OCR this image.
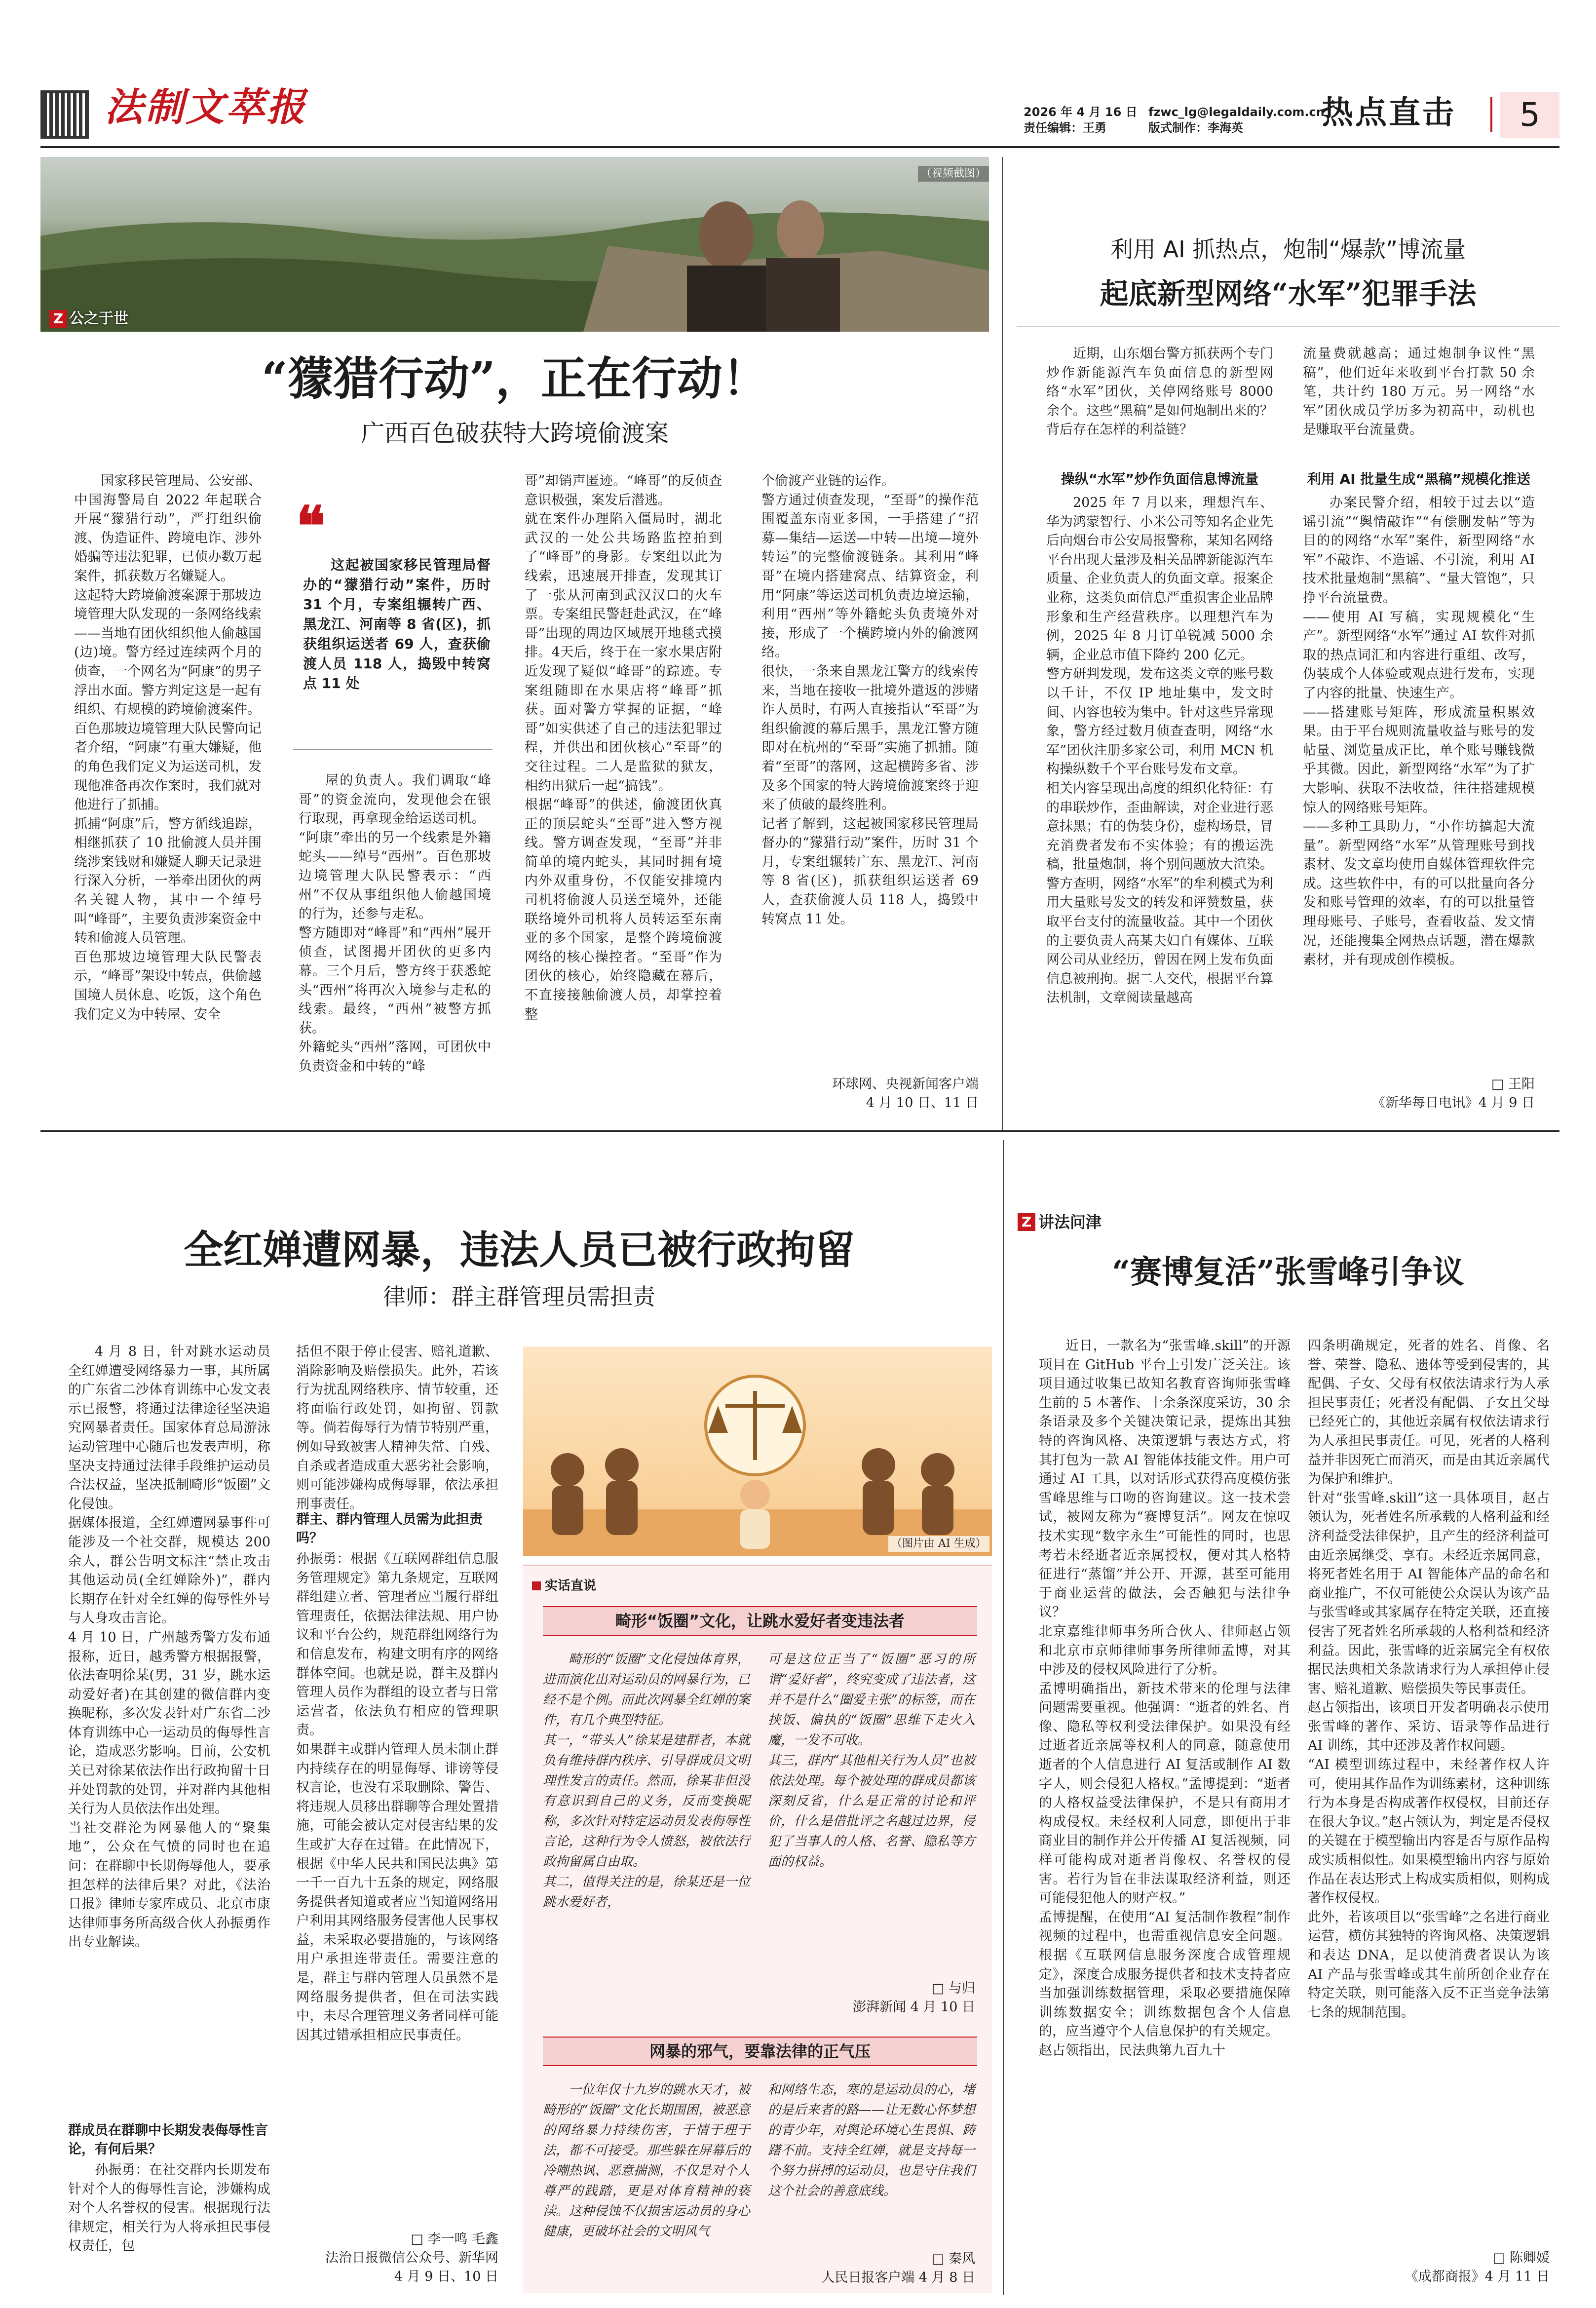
法制文萃报	2026 年 4 月 16 日
责任编辑：王勇
fzwc_lg@legaldaily.com.cn
版式制作：李海英 热点直击	5
（视频截图）
Z 公之于世
“獴猎行动”，正在行动！
广西百色破获特大跨境偷渡案
国家移民管理局、公安部、中国海警局自 2022 年起联合开展“獴猎行动”，严打组织偷渡、伪造证件、跨境电诈、涉外婚骗等违法犯罪，已侦办数万起案件，抓获数万名嫌疑人。
这起特大跨境偷渡案源于那坡边境管理大队发现的一条网络线索——当地有团伙组织他人偷越国(边)境。警方经过连续两个月的侦查，一个网名为“阿康”的男子浮出水面。警方判定这是一起有组织、有规模的跨境偷渡案件。
百色那坡边境管理大队民警向记者介绍，“阿康”有重大嫌疑，他的角色我们定义为运送司机，发现他准备再次作案时，我们就对他进行了抓捕。
抓捕“阿康”后，警方循线追踪，相继抓获了 10 批偷渡人员并围绕涉案钱财和嫌疑人聊天记录进行深入分析，一举牵出团伙的两名关键人物，其中一个绰号叫“峰哥”，主要负责涉案资金中转和偷渡人员管理。
百色那坡边境管理大队民警表示，“峰哥”架设中转点，供偷越国境人员休息、吃饭，这个角色我们定义为中转屋、安全
❝
这起被国家移民管理局督办的“獴猎行动”案件，历时 31 个月，专案组辗转广西、黑龙江、河南等 8 省(区)，抓获组织运送者 69 人，查获偷渡人员 118 人，捣毁中转窝点 11 处
屋的负责人。我们调取“峰哥”的资金流向，发现他会在银行取现，再拿现金给运送司机。
“阿康”牵出的另一个线索是外籍蛇头——绰号“西州”。百色那坡边境管理大队民警表示：“西州”不仅从事组织他人偷越国境的行为，还参与走私。
警方随即对“峰哥”和“西州”展开侦查，试图揭开团伙的更多内幕。三个月后，警方终于获悉蛇头“西州”将再次入境参与走私的线索。最终，“西州”被警方抓获。
外籍蛇头“西州”落网，可团伙中负责资金和中转的“峰
哥”却销声匿迹。“峰哥”的反侦查意识极强，案发后潜逃。
就在案件办理陷入僵局时，湖北武汉的一处公共场路监控拍到了“峰哥”的身影。专案组以此为线索，迅速展开排查，发现其订了一张从河南到武汉汉口的火车票。专案组民警赶赴武汉，在“峰哥”出现的周边区域展开地毯式摸排。4天后，终于在一家水果店附近发现了疑似“峰哥”的踪迹。专案组随即在水果店将“峰哥”抓获。面对警方掌握的证据，“峰哥”如实供述了自己的违法犯罪过程，并供出和团伙核心“至哥”的交往过程。二人是监狱的狱友，相约出狱后一起“搞钱”。
根据“峰哥”的供述，偷渡团伙真正的顶层蛇头“至哥”进入警方视线。警方调查发现，“至哥”并非简单的境内蛇头，其同时拥有境内外双重身份，不仅能安排境内司机将偷渡人员送至境外，还能联络境外司机将人员转运至东南亚的多个国家，是整个跨境偷渡网络的核心操控者。“至哥”作为团伙的核心，始终隐藏在幕后，不直接接触偷渡人员，却掌控着整
个偷渡产业链的运作。
警方通过侦查发现，“至哥”的操作范围覆盖东南亚多国，一手搭建了“招募—集结—运送—中转—出境—境外转运”的完整偷渡链条。其利用“峰哥”在境内搭建窝点、结算资金，利用“阿康”等运送司机负责边境运输，利用“西州”等外籍蛇头负责境外对接，形成了一个横跨境内外的偷渡网络。
很快，一条来自黑龙江警方的线索传来，当地在接收一批境外遣返的涉赌诈人员时，有两人直接指认“至哥”为组织偷渡的幕后黑手，黑龙江警方随即对在杭州的“至哥”实施了抓捕。随着“至哥”的落网，这起横跨多省、涉及多个国家的特大跨境偷渡案终于迎来了侦破的最终胜利。
记者了解到，这起被国家移民管理局督办的“獴猎行动”案件，历时 31 个月，专案组辗转广东、黑龙江、河南等 8 省(区)，抓获组织运送者 69 人，查获偷渡人员 118 人，捣毁中转窝点 11 处。
环球网、央视新闻客户端
4 月 10 日、11 日
利用 AI 抓热点，炮制“爆款”博流量
起底新型网络“水军”犯罪手法
近期，山东烟台警方抓获两个专门炒作新能源汽车负面信息的新型网络“水军”团伙，关停网络账号 8000 余个。这些“黑稿”是如何炮制出来的？背后存在怎样的利益链？
操纵“水军”炒作负面信息博流量
2025 年 7 月以来，理想汽车、华为鸿蒙智行、小米公司等知名企业先后向烟台市公安局报警称，某知名网络平台出现大量涉及相关品牌新能源汽车质量、企业负责人的负面文章。报案企业称，这类负面信息严重损害企业品牌形象和生产经营秩序。以理想汽车为例，2025 年 8 月订单锐减 5000 余辆，企业总市值下降约 200 亿元。
警方研判发现，发布这类文章的账号数以千计，不仅 IP 地址集中，发文时间、内容也较为集中。针对这些异常现象，警方经过数月侦查查明，网络“水军”团伙注册多家公司，利用 MCN 机构操纵数千个平台账号发布文章。
相关内容呈现出高度的组织化特征：有的串联炒作，歪曲解读，对企业进行恶意抹黑；有的伪装身份，虚构场景，冒充消费者发布不实体验；有的搬运洗稿，批量炮制，将个别问题放大渲染。警方查明，网络“水军”的牟利模式为利用大量账号发文的转发和评赞数量，获取平台支付的流量收益。其中一个团伙的主要负责人高某夫妇自有媒体、互联网公司从业经历，曾因在网上发布负面信息被刑拘。据二人交代，根据平台算法机制，文章阅读量越高
流量费就越高；通过炮制争议性“黑稿”，他们近年来收到平台打款 50 余笔，共计约 180 万元。另一网络“水军”团伙成员学历多为初高中，动机也是赚取平台流量费。
利用 AI 批量生成“黑稿”规模化推送
办案民警介绍，相较于过去以“造谣引流”“舆情敲诈”“有偿删发帖”等为目的的网络“水军”案件，新型网络“水军”不敲诈、不造谣、不引流，利用 AI 技术批量炮制“黑稿”、“量大管饱”，只挣平台流量费。
——使用 AI 写稿，实现规模化“生产”。新型网络“水军”通过 AI 软件对抓取的热点词汇和内容进行重组、改写，伪装成个人体验或观点进行发布，实现了内容的批量、快速生产。
——搭建账号矩阵，形成流量积累效果。由于平台规则流量收益与账号的发帖量、浏览量成正比，单个账号赚钱微乎其微。因此，新型网络“水军”为了扩大影响、获取不法收益，往往搭建规模惊人的网络账号矩阵。
——多种工具助力，“小作坊搞起大流量”。新型网络“水军”从管理账号到找素材、发文章均使用自媒体管理软件完成。这些软件中，有的可以批量向各分发和账号管理的效率，有的可以批量管理母账号、子账号，查看收益、发文情况，还能搜集全网热点话题，潜在爆款素材，并有现成创作模板。
□ 王阳
《新华每日电讯》4 月 9 日
全红婵遭网暴，违法人员已被行政拘留
律师：群主群管理员需担责
4 月 8 日，针对跳水运动员全红婵遭受网络暴力一事，其所属的广东省二沙体育训练中心发文表示已报警，将通过法律途径坚决追究网暴者责任。国家体育总局游泳运动管理中心随后也发表声明，称坚决支持通过法律手段维护运动员合法权益，坚决抵制畸形“饭圈”文化侵蚀。
据媒体报道，全红婵遭网暴事件可能涉及一个社交群，规模达 200 余人，群公告明文标注“禁止攻击其他运动员(全红婵除外)”，群内长期存在针对全红婵的侮辱性外号与人身攻击言论。
4 月 10 日，广州越秀警方发布通报称，近日，越秀警方根据报警，依法查明徐某(男，31 岁，跳水运动爱好者)在其创建的微信群内变换昵称，多次发表针对广东省二沙体育训练中心一运动员的侮辱性言论，造成恶劣影响。目前，公安机关已对徐某依法作出行政拘留十日并处罚款的处罚，并对群内其他相关行为人员依法作出处理。
当社交群沦为网暴他人的“聚集地”，公众在气愤的同时也在追问：在群聊中长期侮辱他人，要承担怎样的法律后果？对此，《法治日报》律师专家库成员、北京市康达律师事务所高级合伙人孙振勇作出专业解读。
群成员在群聊中长期发表侮辱性言论，有何后果？
孙振勇：在社交群内长期发布针对个人的侮辱性言论，涉嫌构成对个人名誉权的侵害。根据现行法律规定，相关行为人将承担民事侵权责任，包
括但不限于停止侵害、赔礼道歉、消除影响及赔偿损失。此外，若该行为扰乱网络秩序、情节较重，还将面临行政处罚，如拘留、罚款等。倘若侮辱行为情节特别严重，例如导致被害人精神失常、自残、自杀或者造成重大恶劣社会影响，则可能涉嫌构成侮辱罪，依法承担刑事责任。
群主、群内管理人员需为此担责吗？
孙振勇：根据《互联网群组信息服务管理规定》第九条规定，互联网群组建立者、管理者应当履行群组管理责任，依据法律法规、用户协议和平台公约，规范群组网络行为和信息发布，构建文明有序的网络群体空间。也就是说，群主及群内管理人员作为群组的设立者与日常运营者，依法负有相应的管理职责。
如果群主或群内管理人员未制止群内持续存在的明显侮辱、诽谤等侵权言论，也没有采取删除、警告、将违规人员移出群聊等合理处置措施，可能会被认定对侵害结果的发生或扩大存在过错。在此情况下，根据《中华人民共和国民法典》第一千一百九十五条的规定，网络服务提供者知道或者应当知道网络用户利用其网络服务侵害他人民事权益，未采取必要措施的，与该网络用户承担连带责任。需要注意的是，群主与群内管理人员虽然不是网络服务提供者，但在司法实践中，未尽合理管理义务者同样可能因其过错承担相应民事责任。
□ 李一鸣 毛鑫
法治日报微信公众号、新华网
4 月 9 日、10 日
（图片由 AI 生成）
实话直说
畸形“饭圈”文化，让跳水爱好者变违法者
畸形的“饭圈”文化侵蚀体育界，进而演化出对运动员的网暴行为，已经不是个例。而此次网暴全红婵的案件，有几个典型特征。
其一，“带头人”徐某是建群者，本就负有维持群内秩序、引导群成员文明理性发言的责任。然而，徐某非但没有意识到自己的义务，反而变换昵称，多次针对特定运动员发表侮辱性言论，这种行为令人愤怒，被依法行政拘留属自由取。
其二，值得关注的是，徐某还是一位跳水爱好者，
可是这位正当了“饭圈”恶习的所谓“爱好者”，终究变成了违法者，这并不是什么“圈爱主张”的标签，而在挟饭、偏执的“饭圈”思维下走火入魔，一发不可收。
其三，群内“其他相关行为人员”也被依法处理。每个被处理的群成员都该深刻反省，什么是正常的讨论和评价，什么是借批评之名越过边界，侵犯了当事人的人格、名誉、隐私等方面的权益。
□ 与归
澎湃新闻 4 月 10 日
网暴的邪气，要靠法律的正气压
一位年仅十九岁的跳水天才，被畸形的“饭圈”文化长期围困，被恶意的网络暴力持续伤害，于情于理于法，都不可接受。那些躲在屏幕后的冷嘲热讽、恶意揣测，不仅是对个人尊严的践踏，更是对体育精神的亵渎。这种侵蚀不仅损害运动员的身心健康，更破坏社会的文明风气
和网络生态，寒的是运动员的心，堵的是后来者的路——让无数心怀梦想的青少年，对舆论环境心生畏惧、踌躇不前。支持全红婵，就是支持每一个努力拼搏的运动员，也是守住我们这个社会的善意底线。
□ 秦风
人民日报客户端 4 月 8 日
Z 讲法问津
“赛博复活”张雪峰引争议
近日，一款名为“张雪峰.skill”的开源项目在 GitHub 平台上引发广泛关注。该项目通过收集已故知名教育咨询师张雪峰生前的 5 本著作、十余条深度采访，30 余条语录及多个关键决策记录，提炼出其独特的咨询风格、决策逻辑与表达方式，将其打包为一款 AI 智能体技能文件。用户可通过 AI 工具，以对话形式获得高度模仿张雪峰思维与口吻的咨询建议。这一技术尝试，被网友称为“赛博复活”。网友在惊叹技术实现“数字永生”可能性的同时，也思考若未经逝者近亲属授权，便对其人格特征进行“蒸馏”并公开、开源，甚至可能用于商业运营的做法，会否触犯与法律争议？
北京嘉维律师事务所合伙人、律师赵占领和北京市京师律师事务所律师孟博，对其中涉及的侵权风险进行了分析。
孟博明确指出，新技术带来的伦理与法律问题需要重视。他强调：“逝者的姓名、肖像、隐私等权利受法律保护。如果没有经过逝者近亲属等权利人的同意，随意使用逝者的个人信息进行 AI 复活或制作 AI 数字人，则会侵犯人格权。”孟博提到：“逝者的人格权益受法律保护，不是只有商用才构成侵权。未经权利人同意，即便出于非商业目的制作并公开传播 AI 复活视频，同样可能构成对逝者肖像权、名誉权的侵害。若行为旨在非法谋取经济利益，则还可能侵犯他人的财产权。”
孟博提醒，在使用“AI 复活制作教程”制作视频的过程中，也需重视信息安全问题。根据《互联网信息服务深度合成管理规定》，深度合成服务提供者和技术支持者应当加强训练数据管理，采取必要措施保障训练数据安全；训练数据包含个人信息的，应当遵守个人信息保护的有关规定。
赵占领指出，民法典第九百九十
四条明确规定，死者的姓名、肖像、名誉、荣誉、隐私、遗体等受到侵害的，其配偶、子女、父母有权依法请求行为人承担民事责任；死者没有配偶、子女且父母已经死亡的，其他近亲属有权依法请求行为人承担民事责任。可见，死者的人格利益并非因死亡而消灭，而是由其近亲属代为保护和维护。
针对“张雪峰.skill”这一具体项目，赵占领认为，死者姓名所承载的人格利益和经济利益受法律保护，且产生的经济利益可由近亲属继受、享有。未经近亲属同意，将死者姓名用于 AI 智能体产品的命名和商业推广，不仅可能使公众误认为该产品与张雪峰或其家属存在特定关联，还直接侵害了死者姓名所承载的人格利益和经济利益。因此，张雪峰的近亲属完全有权依据民法典相关条款请求行为人承担停止侵害、赔礼道歉、赔偿损失等民事责任。
赵占领指出，该项目开发者明确表示使用张雪峰的著作、采访、语录等作品进行 AI 训练，其中还涉及著作权问题。
“AI 模型训练过程中，未经著作权人许可，使用其作品作为训练素材，这种训练行为本身是否构成著作权侵权，目前还存在很大争议。”赵占领认为，判定是否侵权的关键在于模型输出内容是否与原作品构成实质相似性。如果模型输出内容与原始作品在表达形式上构成实质相似，则构成著作权侵权。
此外，若该项目以“张雪峰”之名进行商业运营，横仿其独特的咨询风格、决策逻辑和表达 DNA，足以使消费者误认为该 AI 产品与张雪峰或其生前所创企业存在特定关联，则可能落入反不正当竞争法第七条的规制范围。
□ 陈卿媛
《成都商报》4 月 11 日
